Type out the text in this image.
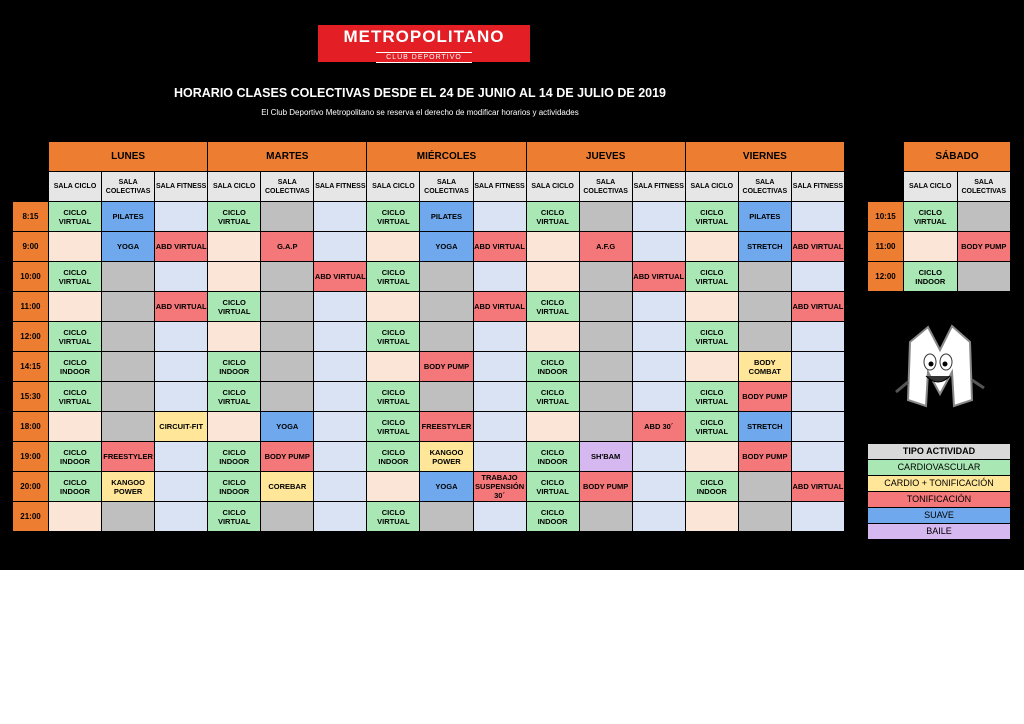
METROPOLITANO
CLUB DEPORTIVO
HORARIO CLASES COLECTIVAS DESDE EL 24 DE JUNIO AL 14 DE JULIO DE 2019
El Club Deportivo Metropolitano se reserva el derecho de modificar horarios y actividades
	LUNES			MARTES			MIÉRCOLES			JUEVES			VIERNES		
	SALA CICLO	SALA COLECTIVAS	SALA FITNESS	SALA CICLO	SALA COLECTIVAS	SALA FITNESS	SALA CICLO	SALA COLECTIVAS	SALA FITNESS	SALA CICLO	SALA COLECTIVAS	SALA FITNESS	SALA CICLO	SALA COLECTIVAS	SALA FITNESS
8:15	CICLO VIRTUAL	PILATES		CICLO VIRTUAL			CICLO VIRTUAL	PILATES		CICLO VIRTUAL			CICLO VIRTUAL	PILATES	
9:00		YOGA	ABD VIRTUAL		G.A.P			YOGA	ABD VIRTUAL		A.F.G			STRETCH	ABD VIRTUAL
10:00	CICLO VIRTUAL					ABD VIRTUAL	CICLO VIRTUAL					ABD VIRTUAL	CICLO VIRTUAL		
11:00			ABD VIRTUAL	CICLO VIRTUAL					ABD VIRTUAL	CICLO VIRTUAL					ABD VIRTUAL
12:00	CICLO VIRTUAL						CICLO VIRTUAL						CICLO VIRTUAL		
14:15	CICLO INDOOR			CICLO INDOOR				BODY PUMP		CICLO INDOOR				BODY COMBAT	
15:30	CICLO VIRTUAL			CICLO VIRTUAL			CICLO VIRTUAL			CICLO VIRTUAL			CICLO VIRTUAL	BODY PUMP	
18:00			CIRCUIT-FIT		YOGA		CICLO VIRTUAL	FREESTYLER				ABD 30´	CICLO VIRTUAL	STRETCH	
19:00	CICLO INDOOR	FREESTYLER		CICLO INDOOR	BODY PUMP		CICLO INDOOR	KANGOO POWER		CICLO INDOOR	SH'BAM			BODY PUMP	
20:00	CICLO INDOOR	KANGOO POWER		CICLO INDOOR	COREBAR			YOGA	TRABAJO SUSPENSIÓN 30´	CICLO VIRTUAL	BODY PUMP		CICLO INDOOR		ABD VIRTUAL
21:00				CICLO VIRTUAL			CICLO VIRTUAL			CICLO INDOOR					
	SÁBADO	
	SALA CICLO	SALA COLECTIVAS
10:15	CICLO VIRTUAL	
11:00		BODY PUMP
12:00	CICLO INDOOR	
TIPO ACTIVIDAD
CARDIOVASCULAR
CARDIO + TONIFICACIÓN
TONIFICACIÓN
SUAVE
BAILE
